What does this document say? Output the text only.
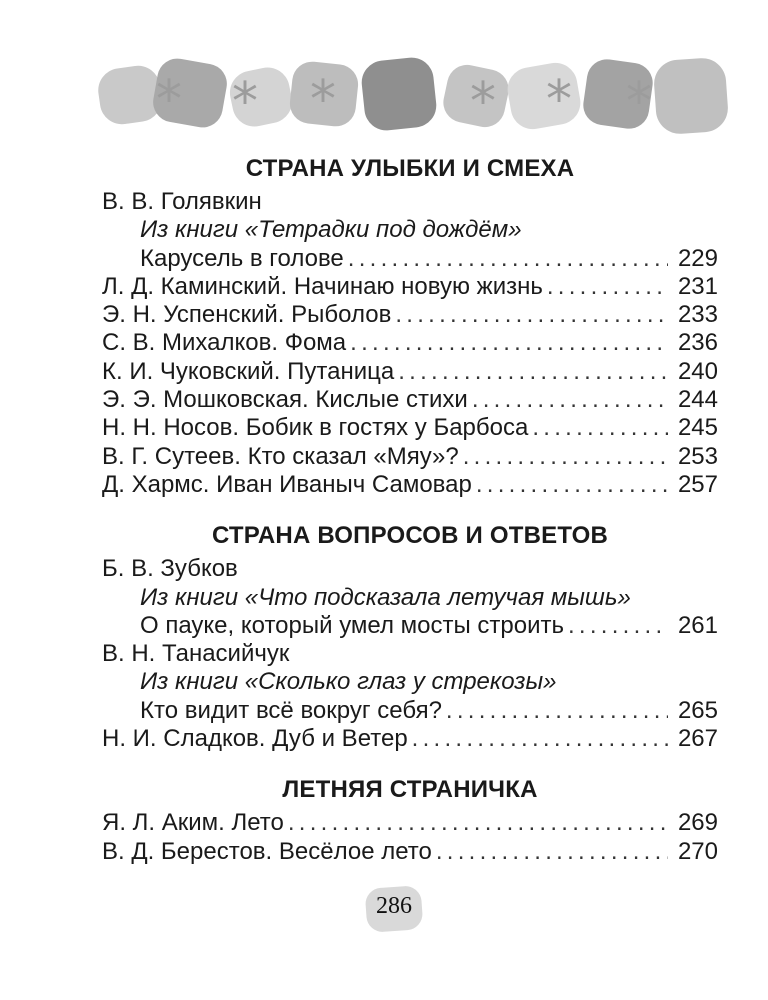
* * *	* * *
СТРАНА УЛЫБКИ И СМЕХА
В. В. Голявкин
Из книги «Тетрадки под дождём»
Карусель в голове . . .	229
Л. Д. Каминский. Начинаю новую жизнь . . .	231
Э. Н. Успенский. Рыболов . . .	233
С. В. Михалков. Фома . . .	236
К. И. Чуковский. Путаница . . .	240
Э. Э. Мошковская. Кислые стихи . . .	244
Н. Н. Носов. Бобик в гостях у Барбоса . . .	245
В. Г. Сутеев. Кто сказал «Мяу»? . . .	253
Д. Хармс. Иван Иваныч Самовар . . .	257
СТРАНА ВОПРОСОВ И ОТВЕТОВ
Б. В. Зубков
Из книги «Что подсказала летучая мышь»
О пауке, который умел мосты строить . . .	261
В. Н. Танасийчук
Из книги «Сколько глаз у стрекозы»
Кто видит всё вокруг себя? . . .	265
Н. И. Сладков. Дуб и Ветер . . .	267
ЛЕТНЯЯ СТРАНИЧКА
Я. Л. Аким. Лето . . .	269
В. Д. Берестов. Весёлое лето . . .	270
286
